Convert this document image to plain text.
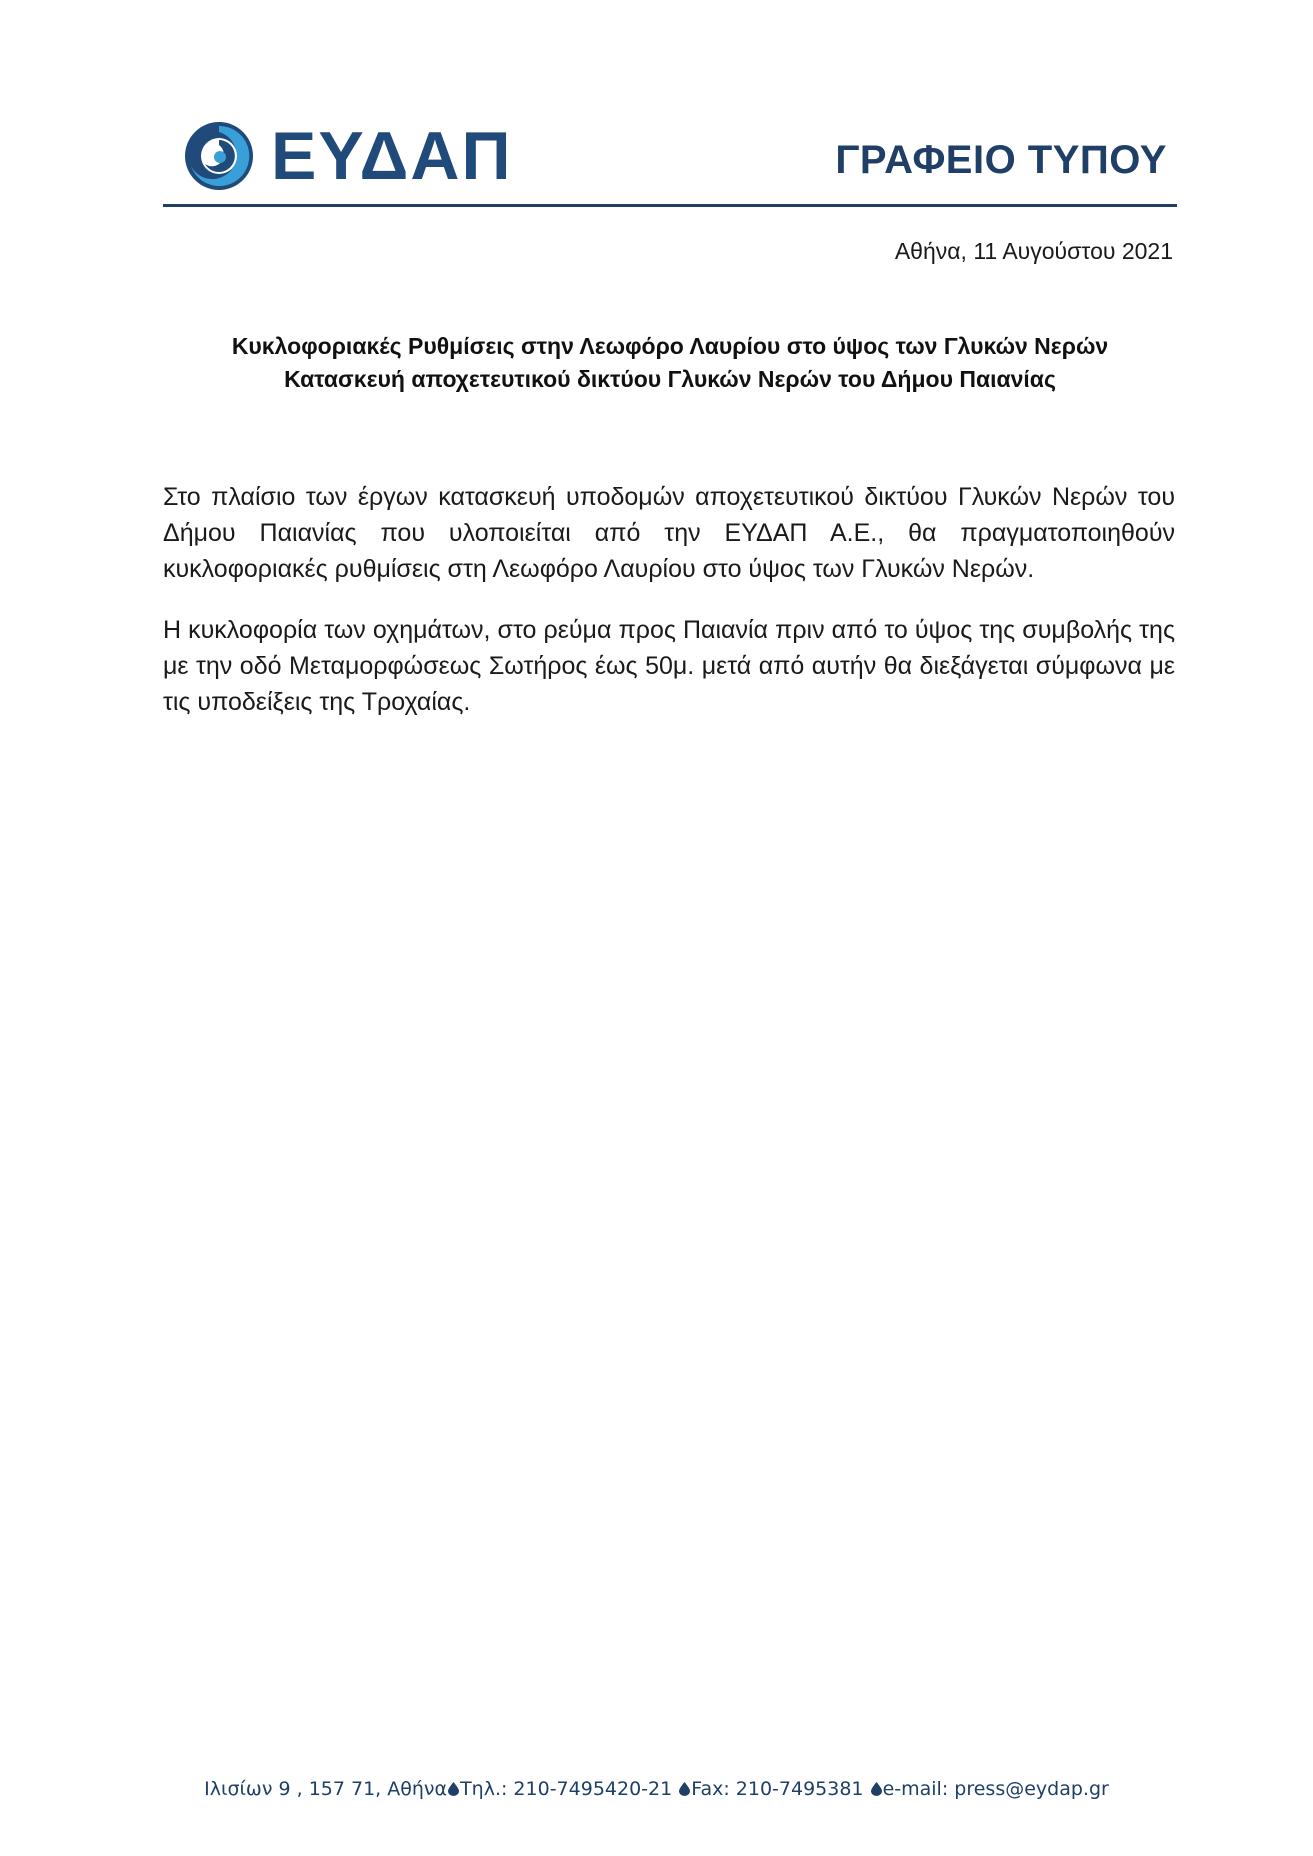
ΕΥΔΑΠ	ΓΡΑΦΕΙΟ ΤΥΠΟΥ
Αθήνα, 11 Αυγούστου 2021
Κυκλοφοριακές Ρυθμίσεις στην Λεωφόρο Λαυρίου στο ύψος των Γλυκών Νερών
Κατασκευή αποχετευτικού δικτύου Γλυκών Νερών του Δήμου Παιανίας

Στο πλαίσιο των έργων κατασκευή υποδομών αποχετευτικού δικτύου Γλυκών Νερών του Δήμου Παιανίας που υλοποιείται από την ΕΥΔΑΠ Α.Ε., θα πραγματοποιηθούν κυκλοφοριακές ρυθμίσεις στη Λεωφόρο Λαυρίου στο ύψος των Γλυκών Νερών.

Η κυκλοφορία των οχημάτων, στο ρεύμα προς Παιανία πριν από το ύψος της συμβολής της με την οδό Μεταμορφώσεως Σωτήρος έως 50μ. μετά από αυτήν θα διεξάγεται σύμφωνα με τις υποδείξεις της Τροχαίας.

Ιλισίων 9 , 157 71, Αθήνα Τηλ.: 210-7495420-21 Fax: 210-7495381 e-mail: press@eydap.gr
